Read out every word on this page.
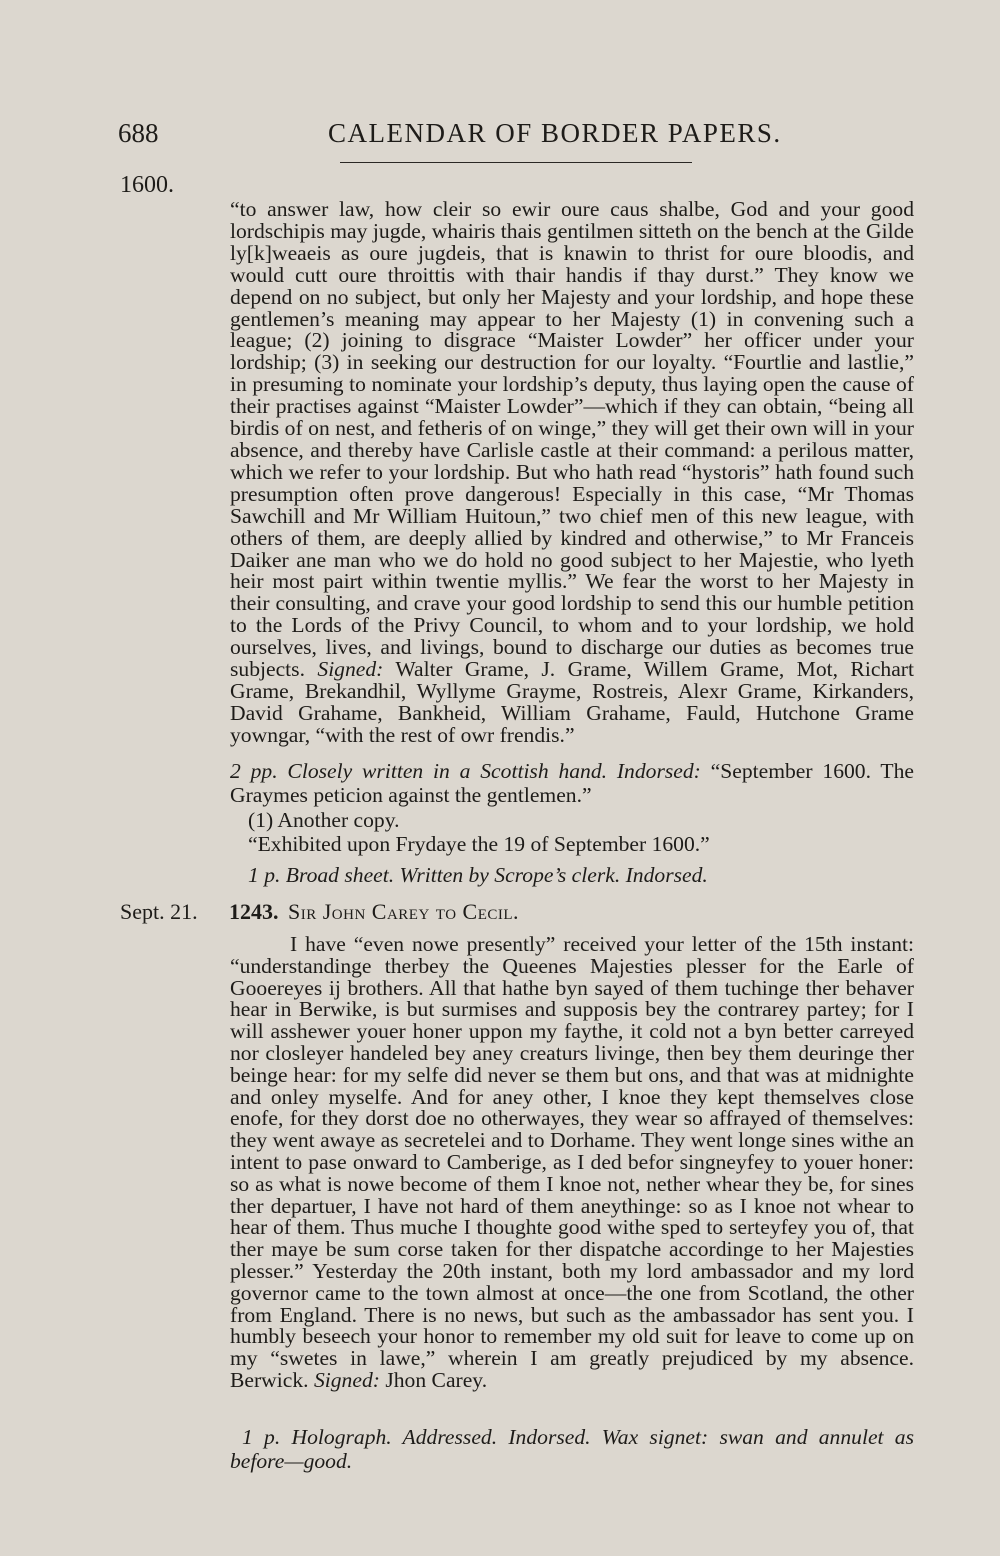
688	CALENDAR OF BORDER PAPERS.
1600.
“to answer law, how cleir so ewir oure caus shalbe, God and your good lordschipis may jugde, whairis thais gentilmen sitteth on the bench at the Gilde ly[k]weaeis as oure jugdeis, that is knawin to thrist for oure bloodis, and would cutt oure throittis with thair handis if thay durst.” They know we depend on no subject, but only her Majesty and your lordship, and hope these gentlemen’s meaning may appear to her Majesty (1) in convening such a league; (2) joining to disgrace “Maister Lowder” her officer under your lordship; (3) in seeking our destruction for our loyalty. “Fourtlie and lastlie,” in presuming to nominate your lordship’s deputy, thus laying open the cause of their practises against “Maister Lowder”—which if they can obtain, “being all birdis of on nest, and fetheris of on winge,” they will get their own will in your absence, and thereby have Carlisle castle at their command: a perilous matter, which we refer to your lordship. But who hath read “hystoris” hath found such presumption often prove dangerous! Especially in this case, “Mr Thomas Sawchill and Mr William Huitoun,” two chief men of this new league, with others of them, are deeply allied by kindred and otherwise,” to Mr Franceis Daiker ane man who we do hold no good subject to her Majestie, who lyeth heir most pairt within twentie myllis.” We fear the worst to her Majesty in their consulting, and crave your good lordship to send this our humble petition to the Lords of the Privy Council, to whom and to your lordship, we hold ourselves, lives, and livings, bound to discharge our duties as becomes true subjects. Signed: Walter Grame, J. Grame, Willem Grame, Mot, Richart Grame, Brekandhil, Wyllyme Grayme, Rostreis, Alexr Grame, Kirkanders, David Grahame, Bankheid, William Grahame, Fauld, Hutchone Grame yowngar, “with the rest of owr frendis.”
2 pp. Closely written in a Scottish hand. Indorsed: “September 1600. The Graymes peticion against the gentlemen.”
(1) Another copy.
“Exhibited upon Frydaye the 19 of September 1600.”
1 p. Broad sheet. Written by Scrope’s clerk. Indorsed.
Sept. 21. 1243. Sir John Carey to Cecil.
I have “even nowe presently” received your letter of the 15th instant: “understandinge therbey the Queenes Majesties plesser for the Earle of Gooereyes ij brothers. All that hathe byn sayed of them tuchinge ther behaver hear in Berwike, is but surmises and supposis bey the contrarey partey; for I will asshewer youer honer uppon my faythe, it cold not a byn better carreyed nor closleyer handeled bey aney creaturs livinge, then bey them deuringe ther beinge hear: for my selfe did never se them but ons, and that was at midnighte and onley myselfe. And for aney other, I knoe they kept themselves close enofe, for they dorst doe no otherwayes, they wear so affrayed of themselves: they went awaye as secretelei and to Dorhame. They went longe sines withe an intent to pase onward to Camberige, as I ded befor singneyfey to youer honer: so as what is nowe become of them I knoe not, nether whear they be, for sines ther departuer, I have not hard of them aneythinge: so as I knoe not whear to hear of them. Thus muche I thoughte good withe sped to serteyfey you of, that ther maye be sum corse taken for ther dispatche accordinge to her Majesties plesser.” Yesterday the 20th instant, both my lord ambassador and my lord governor came to the town almost at once—the one from Scotland, the other from England. There is no news, but such as the ambassador has sent you. I humbly beseech your honor to remember my old suit for leave to come up on my “swetes in lawe,” wherein I am greatly prejudiced by my absence. Berwick. Signed: Jhon Carey.
1 p. Holograph. Addressed. Indorsed. Wax signet: swan and annulet as before—good.
